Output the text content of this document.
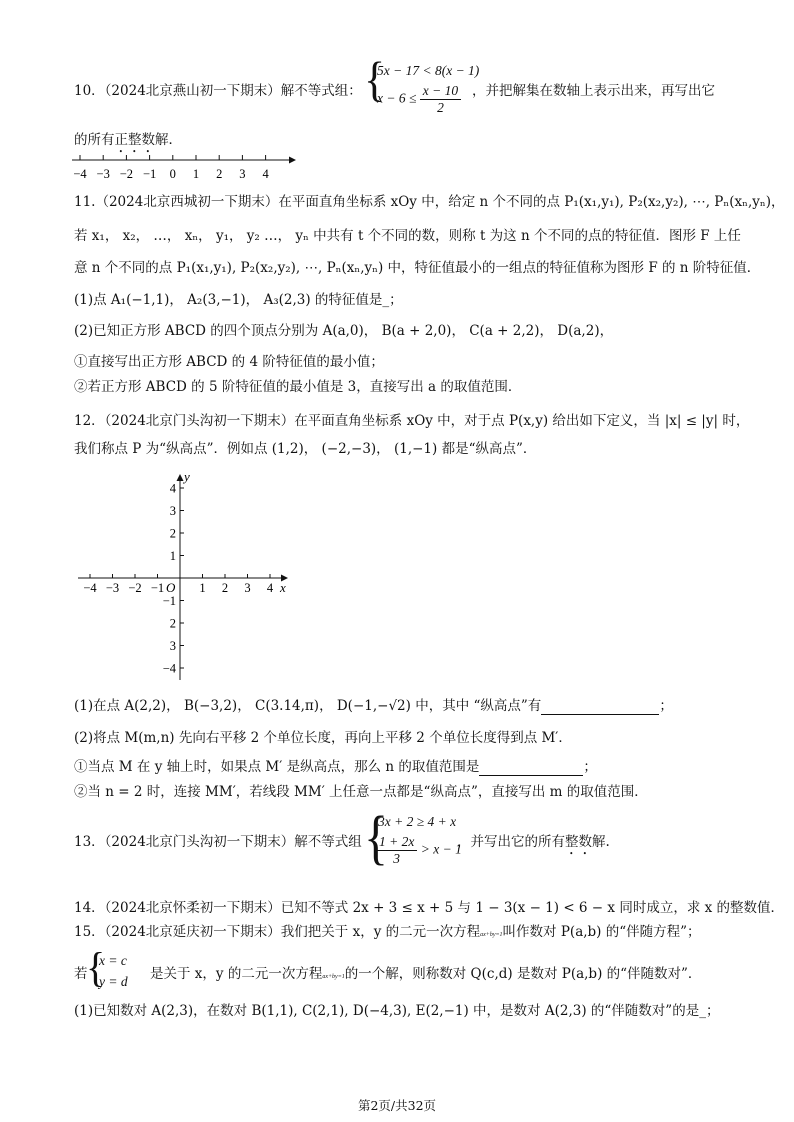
{
5x − 17 < 8(x − 1)
$x - 6 \le \frac{x - 10}{2}$
10．（2024北京燕山初一下期末）解不等式组：	，并把解集在数轴上表示出来，再写出它
的所有正整数解．
−4 −3 −2 −1 0 1 2 3 4
11.（2024北京西城初一下期末）在平面直角坐标系 xOy 中，给定 n 个不同的点 P₁(x₁,y₁), P₂(x₂,y₂), ⋯, Pₙ(xₙ,yₙ)，
若 x₁， x₂， …， xₙ， y₁， y₂ …， yₙ 中共有 t 个不同的数，则称 t 为这 n 个不同的点的特征值．图形 F 上任
意 n 个不同的点 P₁(x₁,y₁), P₂(x₂,y₂), ⋯, Pₙ(xₙ,yₙ) 中，特征值最小的一组点的特征值称为图形 F 的 n 阶特征值．
(1)点 A₁(−1,1)， A₂(3,−1)， A₃(2,3) 的特征值是_；
(2)已知正方形 ABCD 的四个顶点分别为 A(a,0)， B(a + 2,0)， C(a + 2,2)， D(a,2)，
①直接写出正方形 ABCD 的 4 阶特征值的最小值；
②若正方形 ABCD 的 5 阶特征值的最小值是 3，直接写出 a 的取值范围．
12．（2024北京门头沟初一下期末）在平面直角坐标系 xOy 中，对于点 P(x,y) 给出如下定义，当 |x| ≤ |y| 时，
我们称点 P 为“纵高点”．例如点 (1,2)， (−2,−3)， (1,−1) 都是“纵高点”．
x
y
O
−4 −3 −2 −1	1 2 3 4
4
3
2
1
−1
2
3
−4
(1)在点 A(2,2)， B(−3,2)， C(3.14,π)， D(−1,−√2) 中，其中 “纵高点”有	；
(2)将点 M(m,n) 先向右平移 2 个单位长度，再向上平移 2 个单位长度得到点 M′．
①当点 M 在 y 轴上时，如果点 M′ 是纵高点，那么 n 的取值范围是	；
②当 n = 2 时，连接 MM′，若线段 MM′ 上任意一点都是“纵高点”，直接写出 m 的取值范围．
{
3x + 2 ≥ 4 + x
$\frac{1 + 2x}{3} > x - 1$
13．（2024北京门头沟初一下期末）解不等式组	，并写出它的所有整数解.
14．（2024北京怀柔初一下期末）已知不等式 2x + 3 ≤ x + 5 与 1 − 3(x − 1) < 6 − x 同时成立，求 x 的整数值．
15．（2024北京延庆初一下期末）我们把关于 x，y 的二元一次方程ax+by=1叫作数对 P(a,b) 的“伴随方程”；
若
{
x = c
y = d 是关于 x，y 的二元一次方程ax+by=1的一个解，则称数对 Q(c,d) 是数对 P(a,b) 的“伴随数对”．
(1)已知数对 A(2,3)，在数对 B(1,1), C(2,1), D(−4,3), E(2,−1) 中，是数对 A(2,3) 的“伴随数对”的是_；
第2页/共32页
